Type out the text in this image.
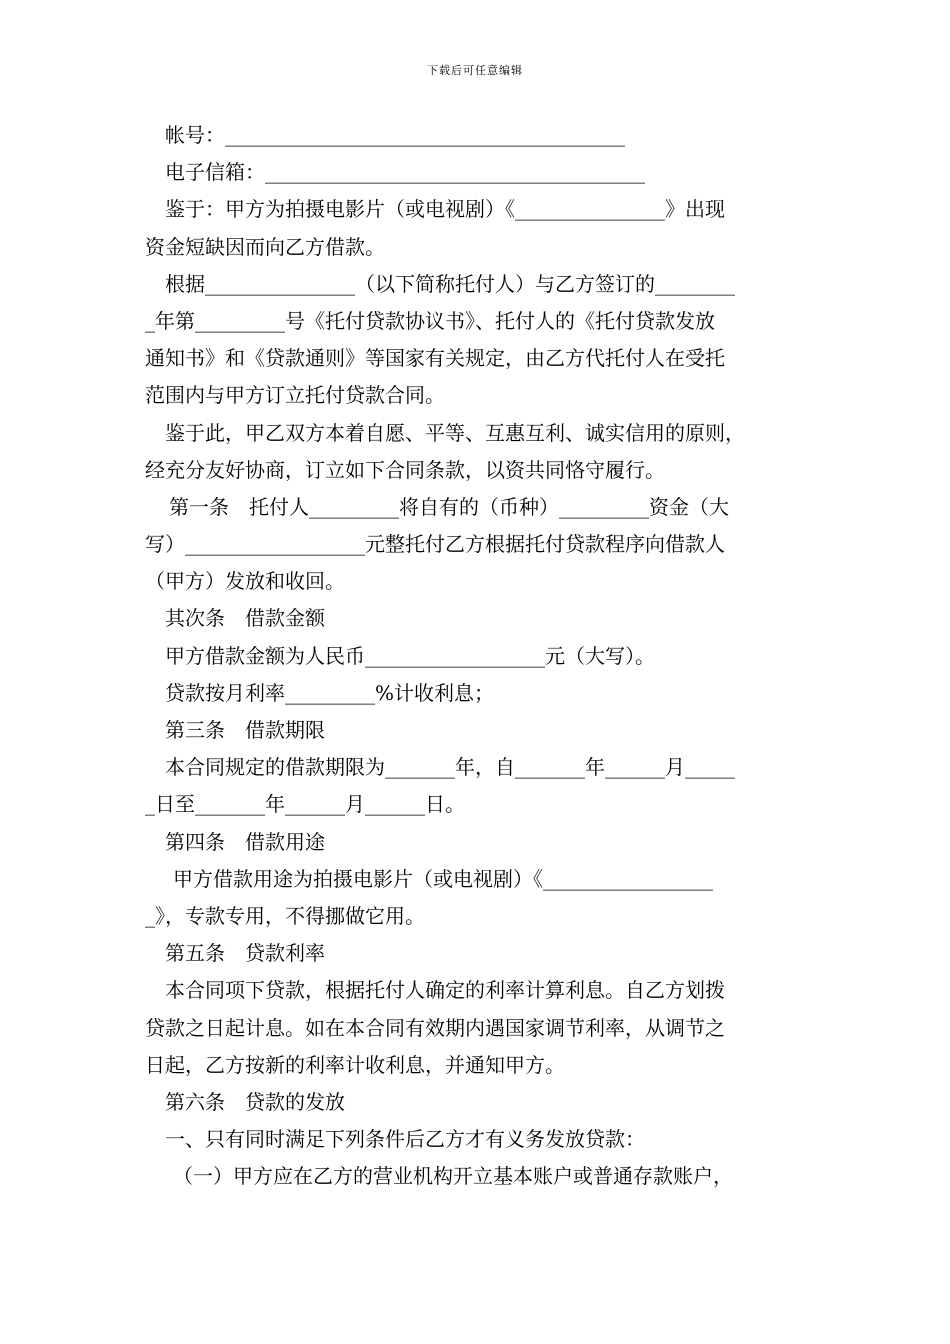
下载后可任意编辑
帐号：________________________________________
电子信箱：______________________________________
鉴于：甲方为拍摄电影片（或电视剧）《_______________》出现
资金短缺因而向乙方借款。
根据_______________（以下简称托付人）与乙方签订的________
_年第_________号《托付贷款协议书》、托付人的《托付贷款发放
通知书》和《贷款通则》等国家有关规定，由乙方代托付人在受托
范围内与甲方订立托付贷款合同。
鉴于此，甲乙双方本着自愿、平等、互惠互利、诚实信用的原则，
经充分友好协商，订立如下合同条款，以资共同恪守履行。
第一条　托付人_________将自有的（币种）_________资金（大
写）__________________元整托付乙方根据托付贷款程序向借款人
（甲方）发放和收回。
其次条　借款金额
甲方借款金额为人民币__________________元（大写）。
贷款按月利率_________%计收利息；
第三条　借款期限
本合同规定的借款期限为_______年，自_______年______月_____
_日至_______年______月______日。
第四条　借款用途
甲方借款用途为拍摄电影片（或电视剧）《_________________
_》，专款专用，不得挪做它用。
第五条　贷款利率
本合同项下贷款，根据托付人确定的利率计算利息。自乙方划拨
贷款之日起计息。如在本合同有效期内遇国家调节利率，从调节之
日起，乙方按新的利率计收利息，并通知甲方。
第六条　贷款的发放
一、只有同时满足下列条件后乙方才有义务发放贷款：
（一）甲方应在乙方的营业机构开立基本账户或普通存款账户，
